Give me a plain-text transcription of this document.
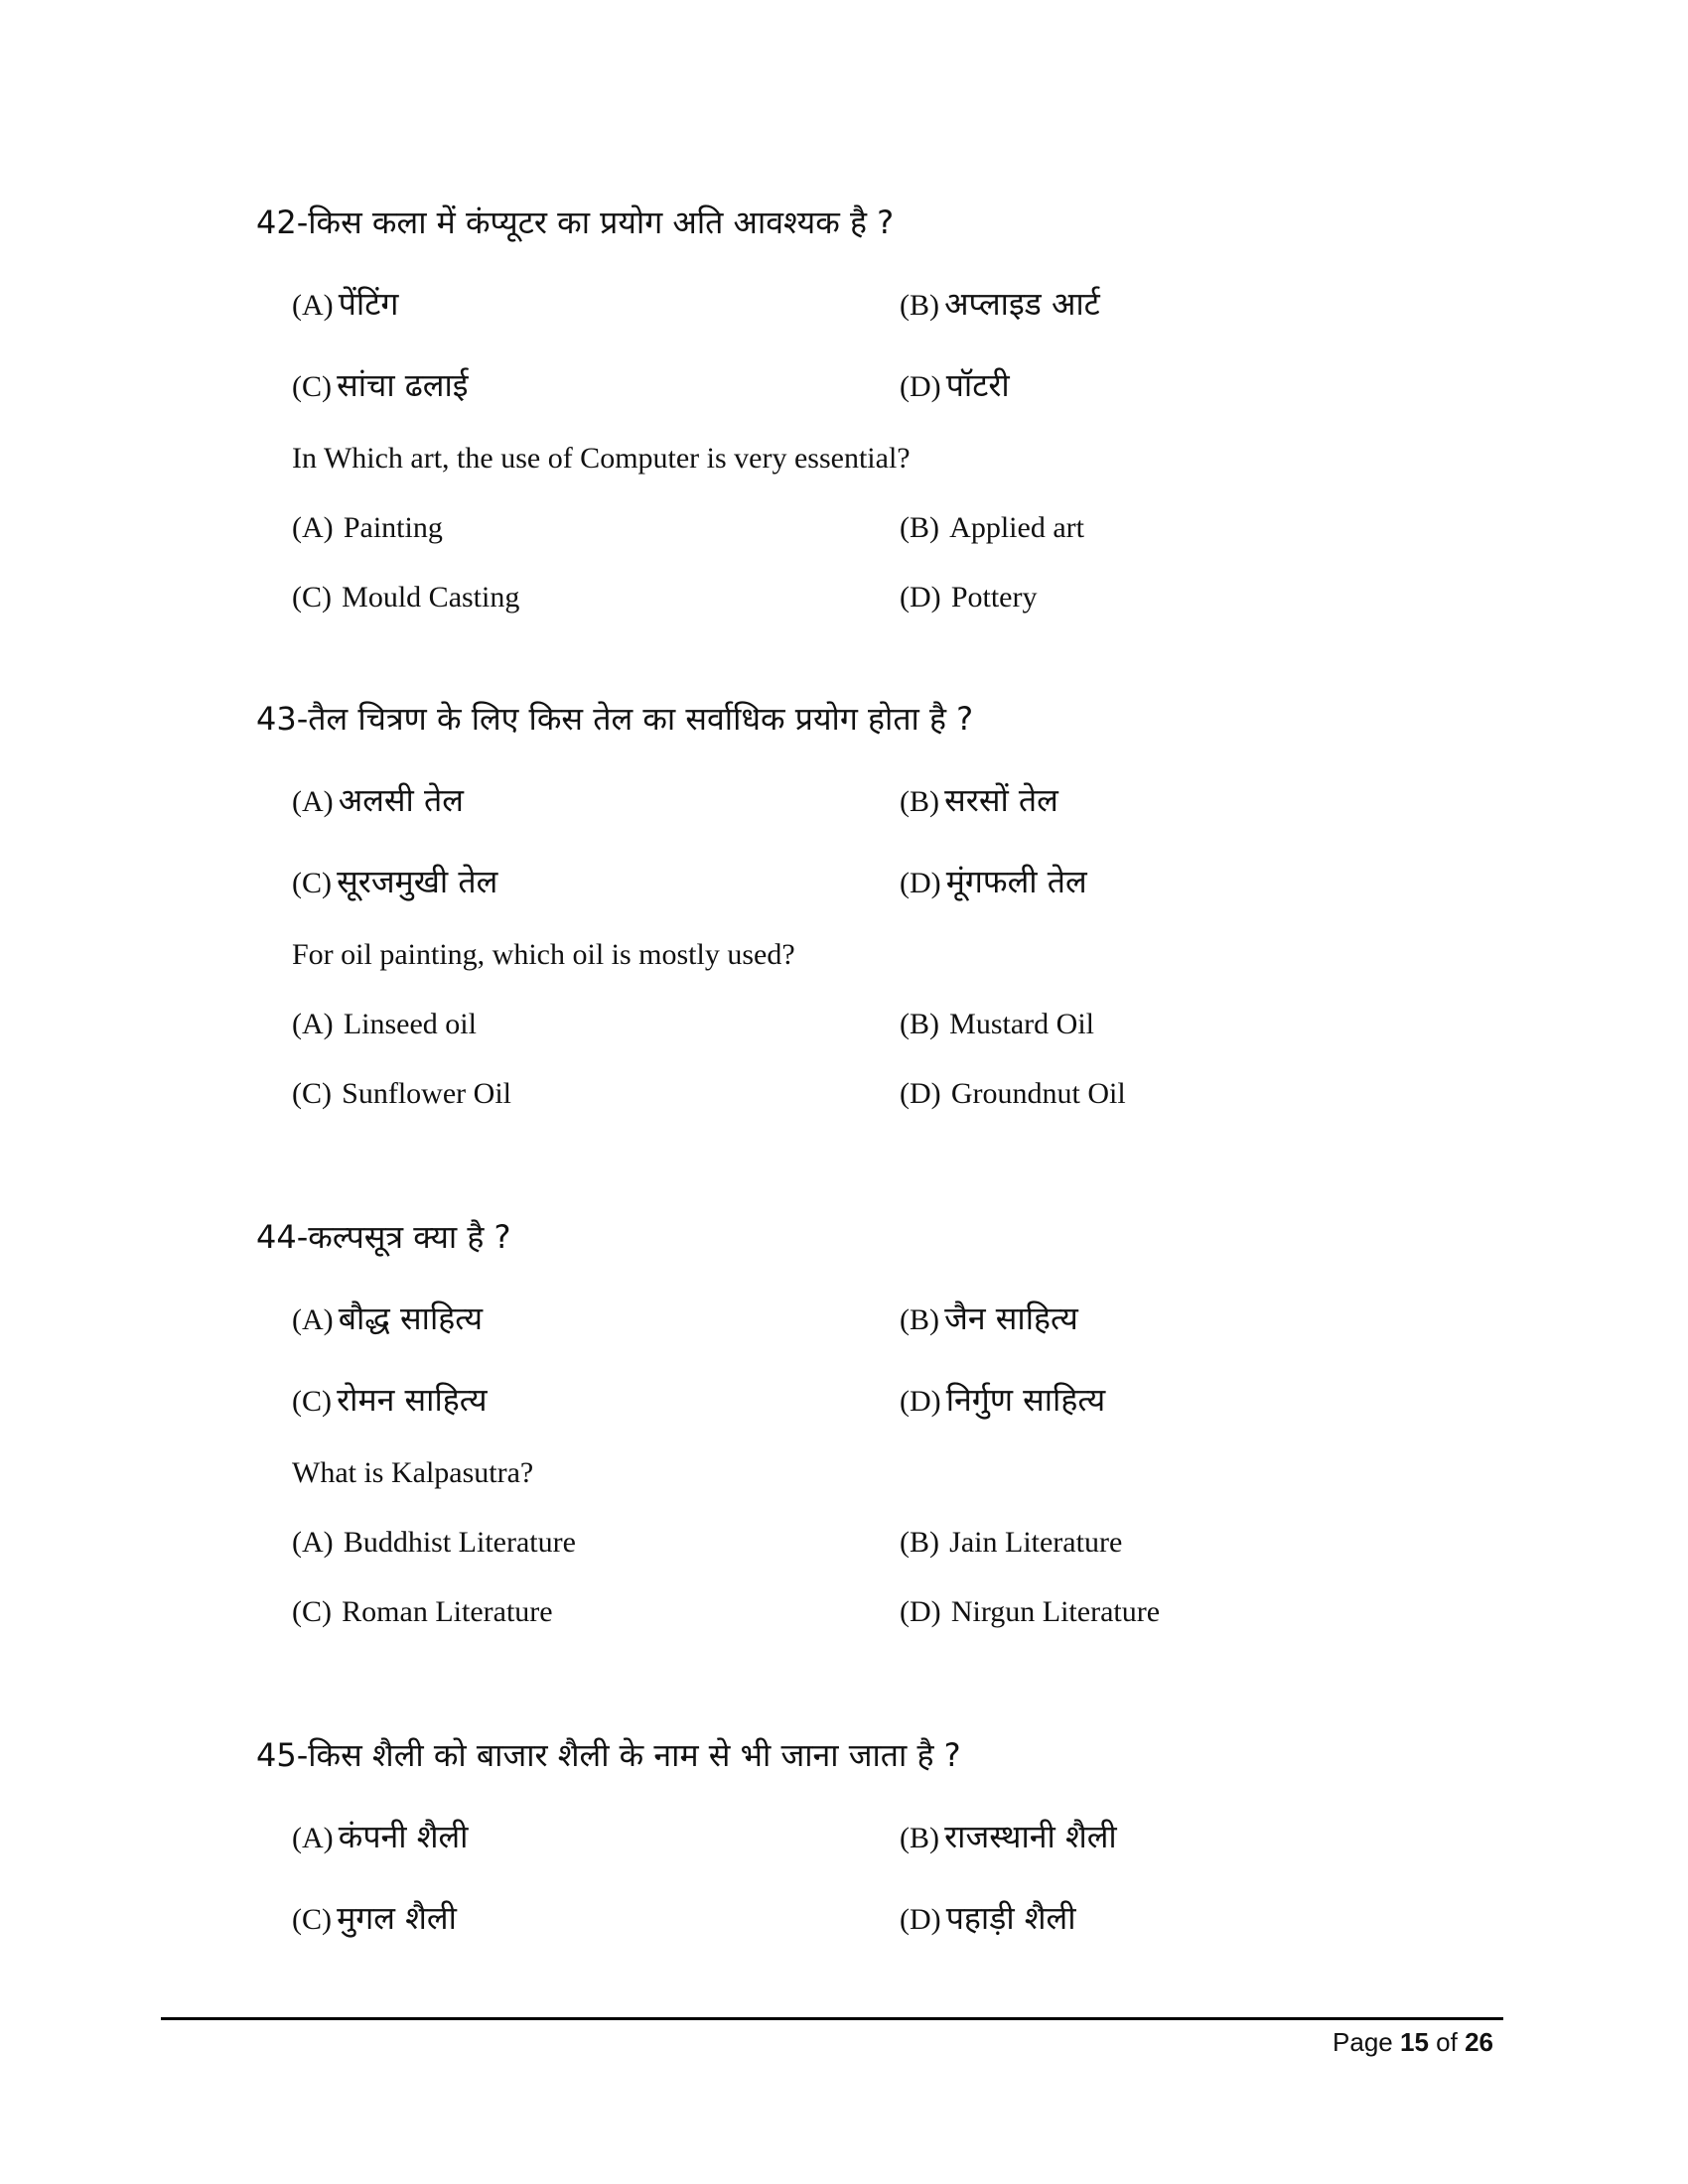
42-किस कला में कंप्यूटर का प्रयोग अति आवश्यक है ?
(A) पेंटिंग	(B) अप्लाइड आर्ट
(C) सांचा ढलाई	(D) पॉटरी
In Which art, the use of Computer is very essential?
(A) Painting	(B) Applied art
(C) Mould Casting	(D) Pottery
43-तैल चित्रण के लिए किस तेल का सर्वाधिक प्रयोग होता है ?
(A) अलसी तेल	(B) सरसों तेल
(C) सूरजमुखी तेल	(D) मूंगफली तेल
For oil painting, which oil is mostly used?
(A) Linseed oil	(B) Mustard Oil
(C) Sunflower Oil	(D) Groundnut Oil
44-कल्पसूत्र क्या है ?
(A) बौद्ध साहित्य	(B) जैन साहित्य
(C) रोमन साहित्य	(D) निर्गुण साहित्य
What is Kalpasutra?
(A) Buddhist Literature	(B) Jain Literature
(C) Roman Literature	(D) Nirgun Literature
45-किस शैली को बाजार शैली के नाम से भी जाना जाता है ?
(A) कंपनी शैली	(B) राजस्थानी शैली
(C) मुगल शैली	(D) पहाड़ी शैली
Page 15 of 26
